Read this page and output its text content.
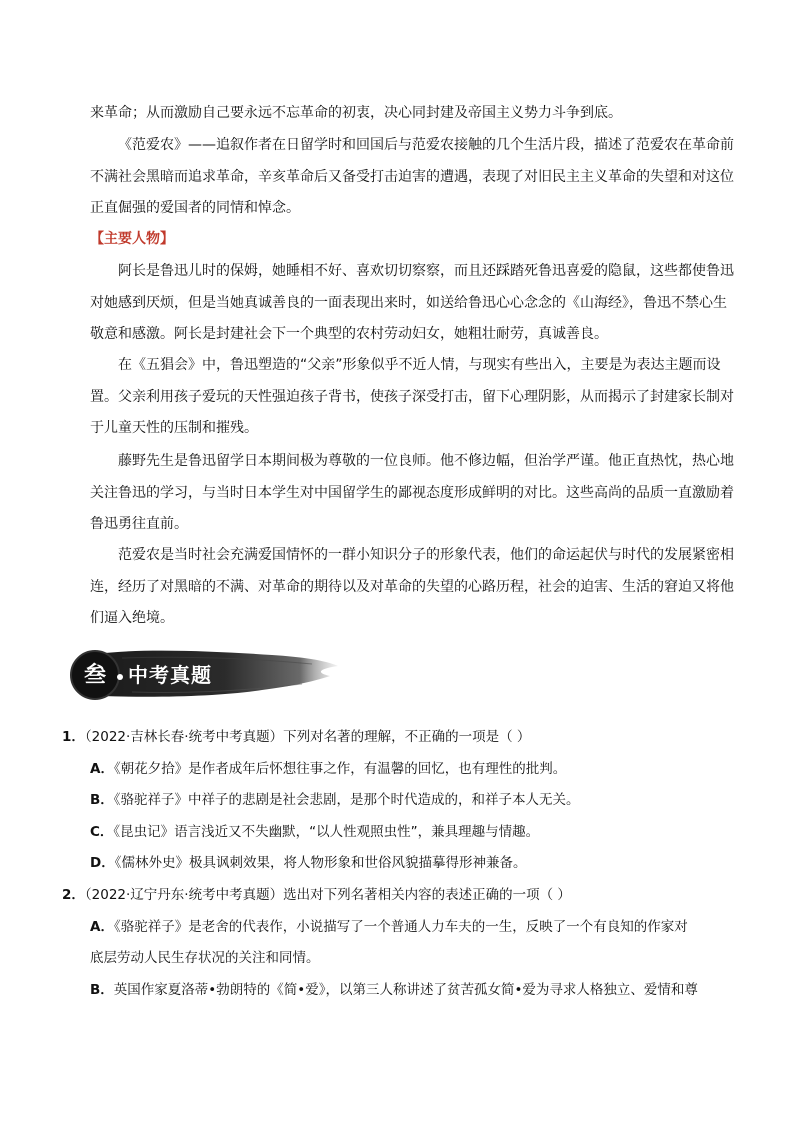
来革命；从而激励自己要永远不忘革命的初衷，决心同封建及帝国主义势力斗争到底。

《范爱农》——追叙作者在日留学时和回国后与范爱农接触的几个生活片段，描述了范爱农在革命前
不满社会黑暗而追求革命，辛亥革命后又备受打击迫害的遭遇，表现了对旧民主主义革命的失望和对这位
正直倔强的爱国者的同情和悼念。

【主要人物】

阿长是鲁迅儿时的保姆，她睡相不好、喜欢切切察察，而且还踩踏死鲁迅喜爱的隐鼠，这些都使鲁迅
对她感到厌烦，但是当她真诚善良的一面表现出来时，如送给鲁迅心心念念的《山海经》，鲁迅不禁心生
敬意和感激。阿长是封建社会下一个典型的农村劳动妇女，她粗壮耐劳，真诚善良。

在《五猖会》中，鲁迅塑造的“父亲”形象似乎不近人情，与现实有些出入，主要是为表达主题而设
置。父亲利用孩子爱玩的天性强迫孩子背书，使孩子深受打击，留下心理阴影，从而揭示了封建家长制对
于儿童天性的压制和摧残。

藤野先生是鲁迅留学日本期间极为尊敬的一位良师。他不修边幅，但治学严谨。他正直热忱，热心地
关注鲁迅的学习，与当时日本学生对中国留学生的鄙视态度形成鲜明的对比。这些高尚的品质一直激励着
鲁迅勇往直前。

范爱农是当时社会充满爱国情怀的一群小知识分子的形象代表，他们的命运起伏与时代的发展紧密相
连，经历了对黑暗的不满、对革命的期待以及对革命的失望的心路历程，社会的迫害、生活的窘迫又将他
们逼入绝境。

叁 中考真题
1．（2022·吉林长春·统考中考真题）下列对名著的理解，不正确的一项是（ ）
A．《朝花夕拾》是作者成年后怀想往事之作，有温馨的回忆，也有理性的批判。
B．《骆驼祥子》中祥子的悲剧是社会悲剧，是那个时代造成的，和祥子本人无关。
C．《昆虫记》语言浅近又不失幽默，“以人性观照虫性”，兼具理趣与情趣。
D．《儒林外史》极具讽刺效果，将人物形象和世俗风貌描摹得形神兼备。
2．（2022·辽宁丹东·统考中考真题）选出对下列名著相关内容的表述正确的一项（ ）
A．《骆驼祥子》是老舍的代表作，小说描写了一个普通人力车夫的一生，反映了一个有良知的作家对
底层劳动人民生存状况的关注和同情。
B．英国作家夏洛蒂•勃朗特的《简•爱》，以第三人称讲述了贫苦孤女简•爱为寻求人格独立、爱情和尊
